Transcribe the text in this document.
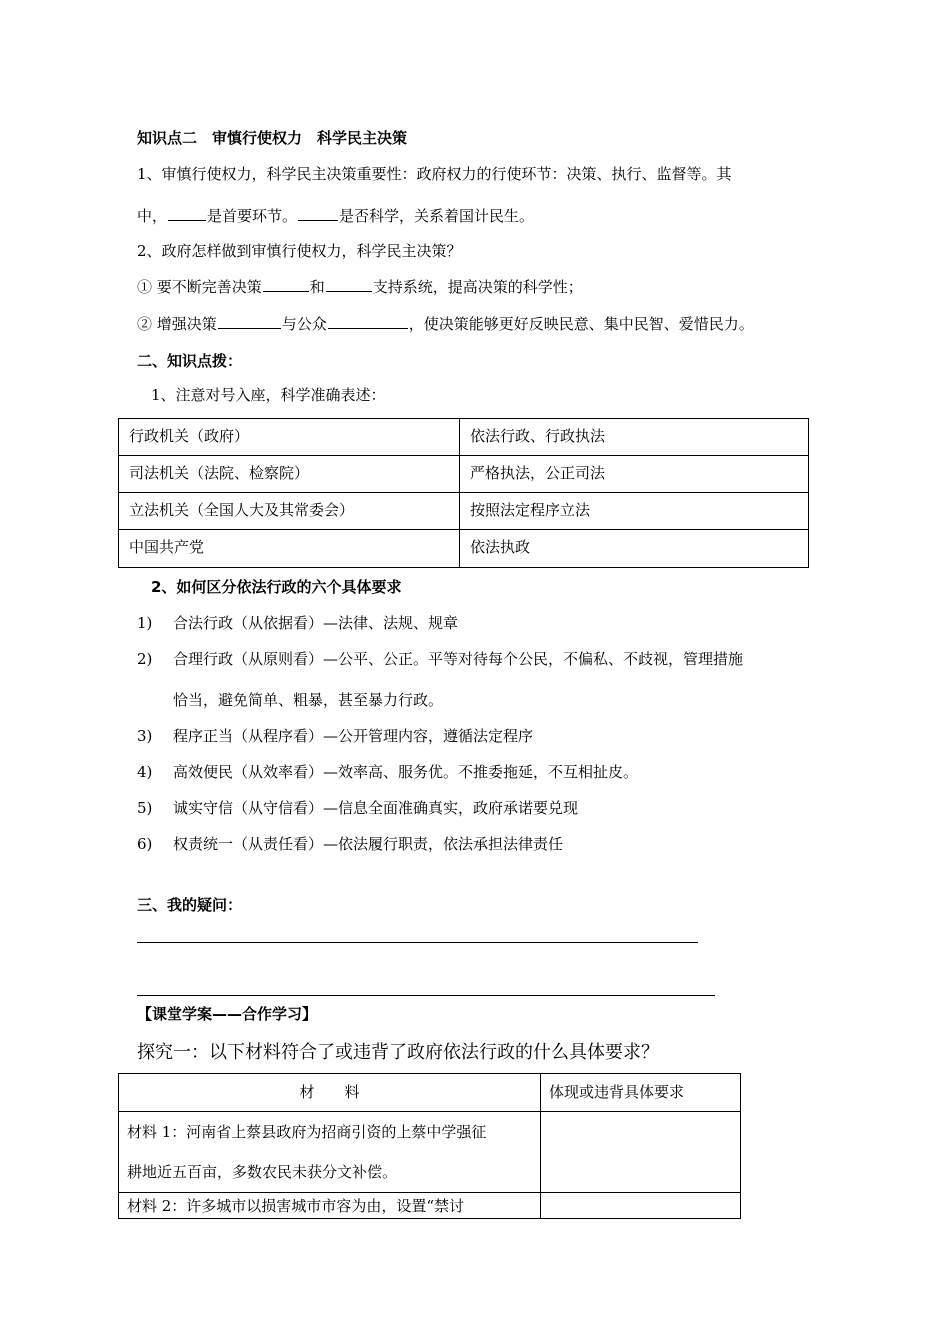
知识点二　审慎行使权力　科学民主决策
1、审慎行使权力，科学民主决策重要性：政府权力的行使环节：决策、执行、监督等。其
中，	是首要环节。	是否科学，关系着国计民生。
2、政府怎样做到审慎行使权力，科学民主决策？
① 要不断完善决策	和	支持系统，提高决策的科学性；
② 增强决策	与公众	，使决策能够更好反映民意、集中民智、爱惜民力。
二、知识点拨：
1、注意对号入座，科学准确表述：
行政机关（政府）	依法行政、行政执法
司法机关（法院、检察院）	严格执法，公正司法
立法机关（全国人大及其常委会）	按照法定程序立法
中国共产党	依法执政
2、如何区分依法行政的六个具体要求
1) 合法行政（从依据看）—法律、法规、规章
2) 合理行政（从原则看）—公平、公正。平等对待每个公民，不偏私、不歧视，管理措施
恰当，避免简单、粗暴，甚至暴力行政。
3) 程序正当（从程序看）—公开管理内容，遵循法定程序
4) 高效便民（从效率看）—效率高、服务优。不推委拖延，不互相扯皮。
5) 诚实守信（从守信看）—信息全面准确真实，政府承诺要兑现
6) 权责统一（从责任看）—依法履行职责，依法承担法律责任
三、我的疑问：
【课堂学案——合作学习】
探究一：以下材料符合了或违背了政府依法行政的什么具体要求？
材　　料	体现或违背具体要求

材料 1：河南省上蔡县政府为招商引资的上蔡中学强征
耕地近五百亩，多数农民未获分文补偿。	

材料 2：许多城市以损害城市市容为由，设置“禁讨	
